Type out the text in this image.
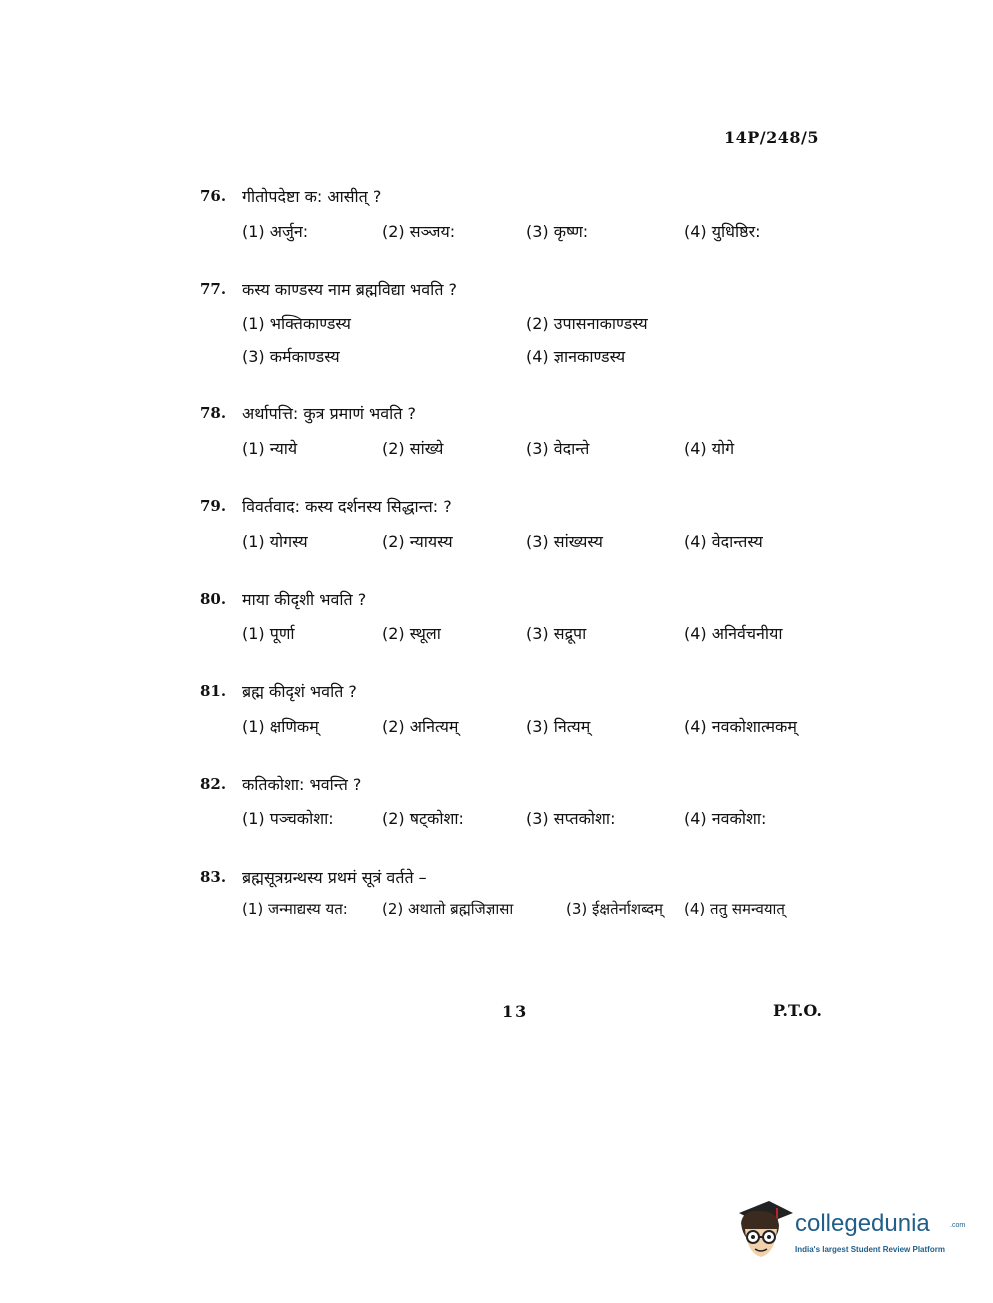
14P/248/5
76. गीतोपदेष्टा क: आसीत् ?
(1) अर्जुन:	(2) सञ्जय:	(3) कृष्ण:	(4) युधिष्ठिर:
77. कस्य काण्डस्य नाम ब्रह्मविद्या भवति ?
(1) भक्तिकाण्डस्य	(2) उपासनाकाण्डस्य
(3) कर्मकाण्डस्य	(4) ज्ञानकाण्डस्य
78. अर्थापत्ति: कुत्र प्रमाणं भवति ?
(1) न्याये	(2) सांख्ये	(3) वेदान्ते	(4) योगे
79. विवर्तवाद: कस्य दर्शनस्य सिद्धान्त: ?
(1) योगस्य	(2) न्यायस्य	(3) सांख्यस्य	(4) वेदान्तस्य
80. माया कीदृशी भवति ?
(1) पूर्णा	(2) स्थूला	(3) सद्रूपा	(4) अनिर्वचनीया
81. ब्रह्म कीदृशं भवति ?
(1) क्षणिकम्	(2) अनित्यम्	(3) नित्यम्	(4) नवकोशात्मकम्
82. कतिकोशा: भवन्ति ?
(1) पञ्चकोशा:	(2) षट्कोशा:	(3) सप्तकोशा:	(4) नवकोशा:
83. ब्रह्मसूत्रग्रन्थस्य प्रथमं सूत्रं वर्तते –
(1) जन्माद्यस्य यत: (2) अथातो ब्रह्मजिज्ञासा	(3) ईक्षतेर्नाशब्दम् (4) ततु समन्वयात्
13	P.T.O.
collegedunia	.com
India's largest Student Review Platform
